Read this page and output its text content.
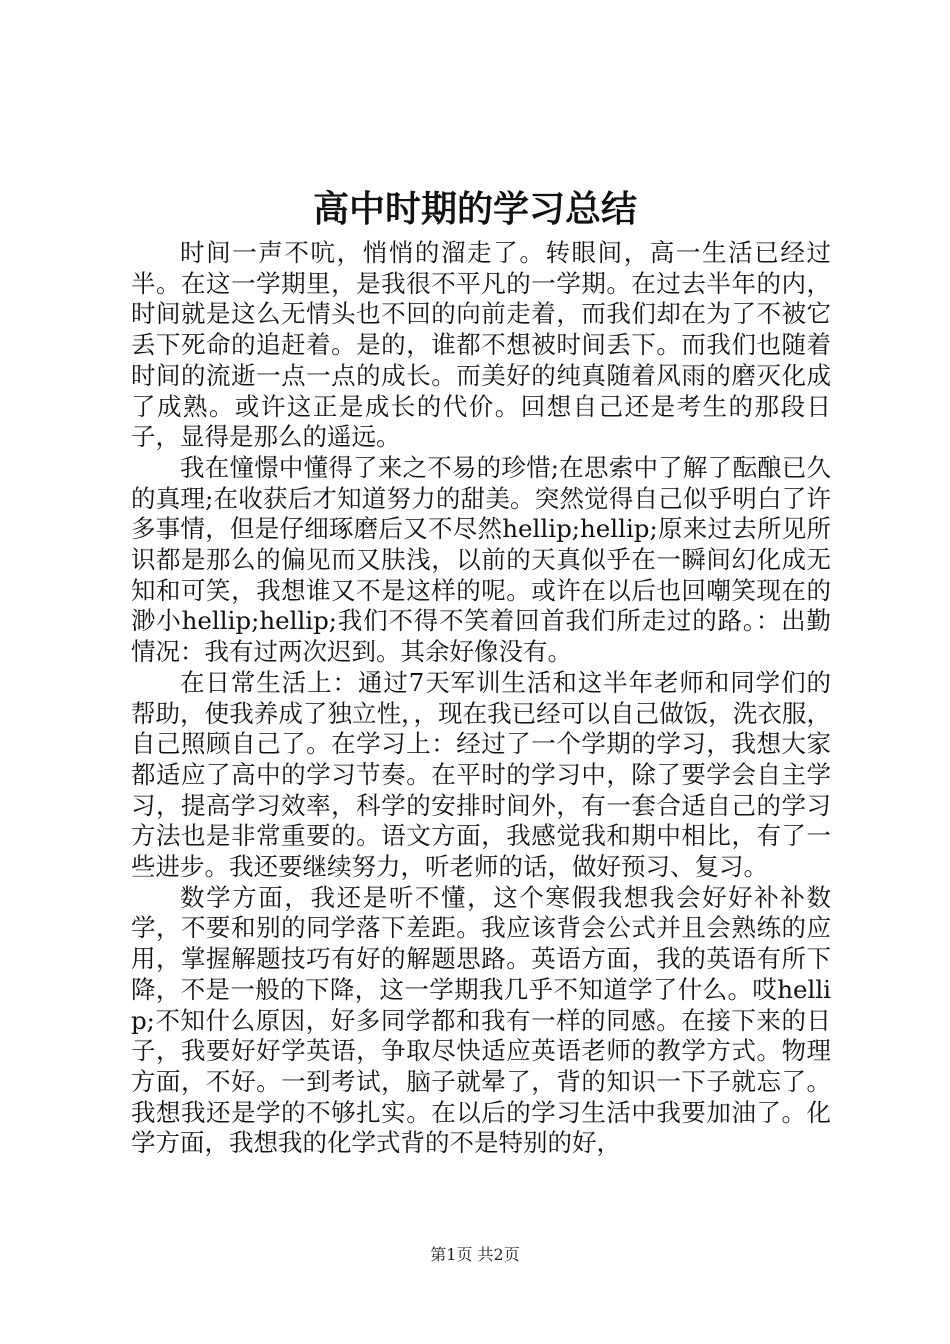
高中时期的学习总结

时间一声不吭，悄悄的溜走了。转眼间，高一生活已经过半。在这一学期里，是我很不平凡的一学期。在过去半年的内，时间就是这么无情头也不回的向前走着，而我们却在为了不被它丢下死命的追赶着。是的，谁都不想被时间丢下。而我们也随着时间的流逝一点一点的成长。而美好的纯真随着风雨的磨灭化成了成熟。或许这正是成长的代价。回想自己还是考生的那段日子，显得是那么的遥远。

我在憧憬中懂得了来之不易的珍惜;在思索中了解了酝酿已久的真理;在收获后才知道努力的甜美。突然觉得自己似乎明白了许多事情，但是仔细琢磨后又不尽然hellip;hellip;原来过去所见所识都是那么的偏见而又肤浅，以前的天真似乎在一瞬间幻化成无知和可笑，我想谁又不是这样的呢。或许在以后也回嘲笑现在的渺小hellip;hellip;我们不得不笑着回首我们所走过的路。：出勤情况：我有过两次迟到。其余好像没有。

在日常生活上：通过7天军训生活和这半年老师和同学们的帮助，使我养成了独立性，，现在我已经可以自己做饭，洗衣服，自己照顾自己了。在学习上：经过了一个学期的学习，我想大家都适应了高中的学习节奏。在平时的学习中，除了要学会自主学习，提高学习效率，科学的安排时间外，有一套合适自己的学习方法也是非常重要的。语文方面，我感觉我和期中相比，有了一些进步。我还要继续努力，听老师的话，做好预习、复习。

数学方面，我还是听不懂，这个寒假我想我会好好补补数学，不要和别的同学落下差距。我应该背会公式并且会熟练的应用，掌握解题技巧有好的解题思路。英语方面，我的英语有所下降，不是一般的下降，这一学期我几乎不知道学了什么。哎hellip;不知什么原因，好多同学都和我有一样的同感。在接下来的日子，我要好好学英语，争取尽快适应英语老师的教学方式。物理方面，不好。一到考试，脑子就晕了，背的知识一下子就忘了。我想我还是学的不够扎实。在以后的学习生活中我要加油了。化学方面，我想我的化学式背的不是特别的好，

第1页 共2页
